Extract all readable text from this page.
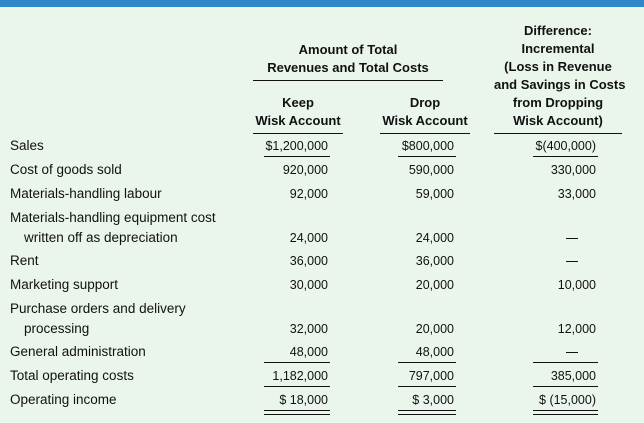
Amount of Total
Revenues and Total Costs
Difference:
Incremental
(Loss in Revenue
and Savings in Costs
from Dropping
Wisk Account)
Keep
Wisk Account
Drop
Wisk Account
Sales	$1,200,000	$800,000	$(400,000)
Cost of goods sold	920,000	590,000	330,000
Materials-handling labour	92,000	59,000	33,000
Materials-handling equipment cost
written off as depreciation	24,000	24,000
Rent	36,000	36,000
Marketing support	30,000	20,000	10,000
Purchase orders and delivery
processing	32,000	20,000	12,000
General administration	48,000	48,000
Total operating costs	1,182,000	797,000	385,000
Operating income	$ 18,000	$ 3,000	$ (15,000)
